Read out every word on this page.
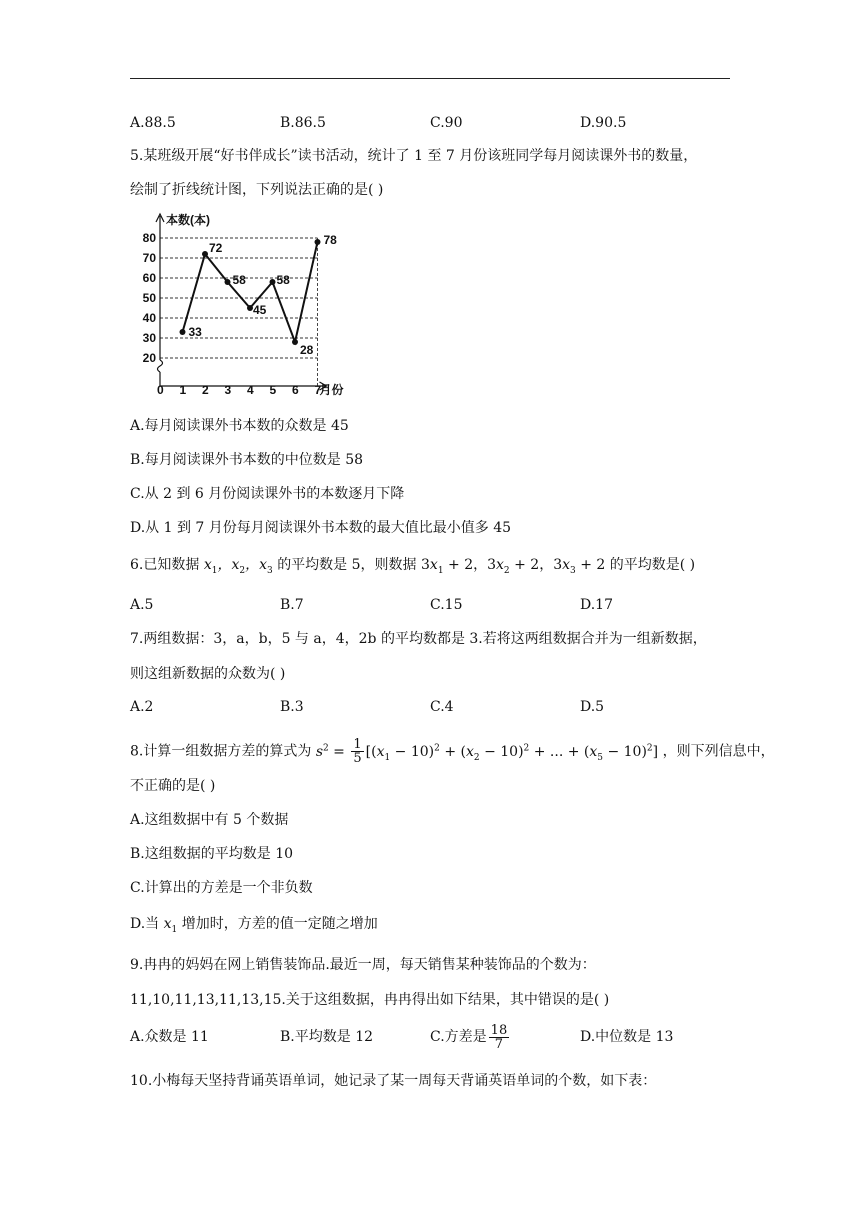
A.88.5	B.86.5	C.90	D.90.5
5.某班级开展“好书伴成长”读书活动，统计了 1 至 7 月份该班同学每月阅读课外书的数量，
绘制了折线统计图，下列说法正确的是( )
本数(本)
月份
20
30
40
50
60
70
80
0 1 2 3 4 5 6 7
33
72
58
45
58
28
78
A.每月阅读课外书本数的众数是 45
B.每月阅读课外书本数的中位数是 58
C.从 2 到 6 月份阅读课外书的本数逐月下降
D.从 1 到 7 月份每月阅读课外书本数的最大值比最小值多 45
6.已知数据 $x_1$，$x_2$，$x_3$ 的平均数是 5，则数据 $3x_1 + 2$，$3x_2 + 2$，$3x_3 + 2$ 的平均数是( )
A.5	B.7	C.15	D.17
7.两组数据：3，a，b，5 与 a，4，2b 的平均数都是 3.若将这两组数据合并为一组新数据，
则这组新数据的众数为( )
A.2	B.3	C.4	D.5
8.计算一组数据方差的算式为 $s^2 = \frac{1}{5} [(x_1 - 10)^2 + (x_2 - 10)^2$ + ... + $(x_5 - 10)^2$] ，则下列信息中，
不正确的是( )
A.这组数据中有 5 个数据
B.这组数据的平均数是 10
C.计算出的方差是一个非负数
D.当 $x_1$ 增加时，方差的值一定随之增加
9.冉冉的妈妈在网上销售装饰品.最近一周，每天销售某种装饰品的个数为：
11,10,11,13,11,13,15.关于这组数据，冉冉得出如下结果，其中错误的是( )
A.众数是 11	B.平均数是 12	C.方差是 $\frac{18}{7}$	D.中位数是 13
10.小梅每天坚持背诵英语单词，她记录了某一周每天背诵英语单词的个数，如下表：
